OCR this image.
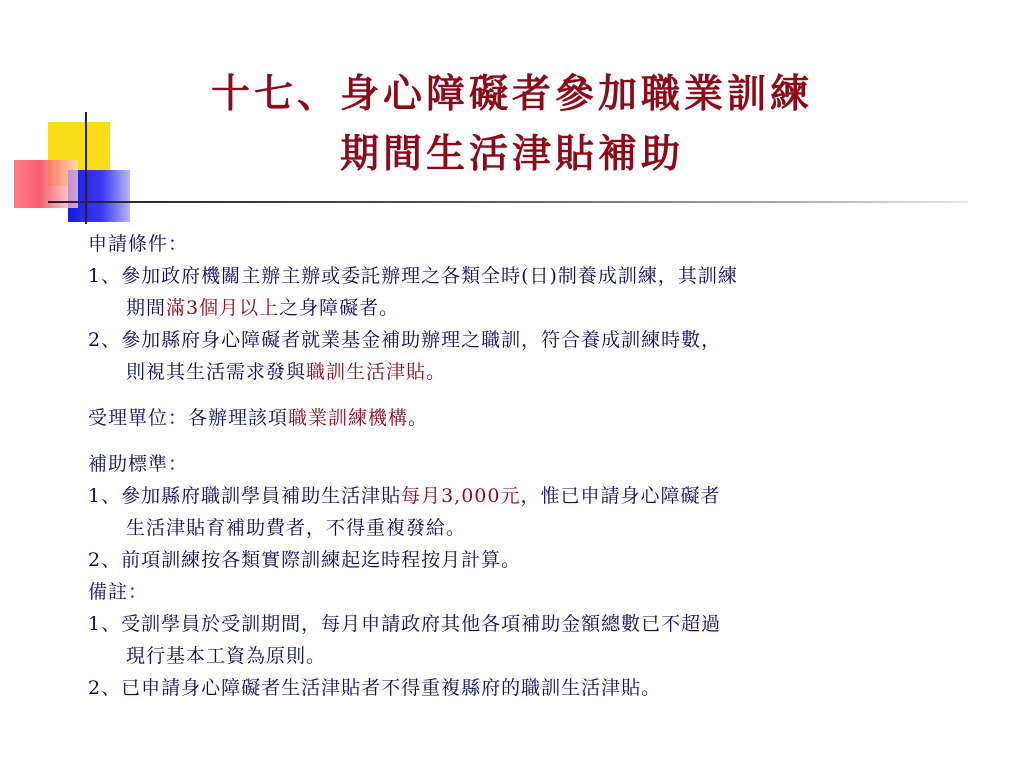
十七、身心障礙者參加職業訓練
期間生活津貼補助
申請條件：
1、參加政府機關主辦主辦或委託辦理之各類全時(日)制養成訓練，其訓練
期間滿3個月以上之身障礙者。
2、參加縣府身心障礙者就業基金補助辦理之職訓，符合養成訓練時數，
則視其生活需求發與職訓生活津貼。
受理單位：各辦理該項職業訓練機構。
補助標準：
1、參加縣府職訓學員補助生活津貼每月3,000元，惟已申請身心障礙者
生活津貼育補助費者，不得重複發給。
2、前項訓練按各類實際訓練起迄時程按月計算。
備註：
1、受訓學員於受訓期間，每月申請政府其他各項補助金額總數已不超過
現行基本工資為原則。
2、已申請身心障礙者生活津貼者不得重複縣府的職訓生活津貼。
